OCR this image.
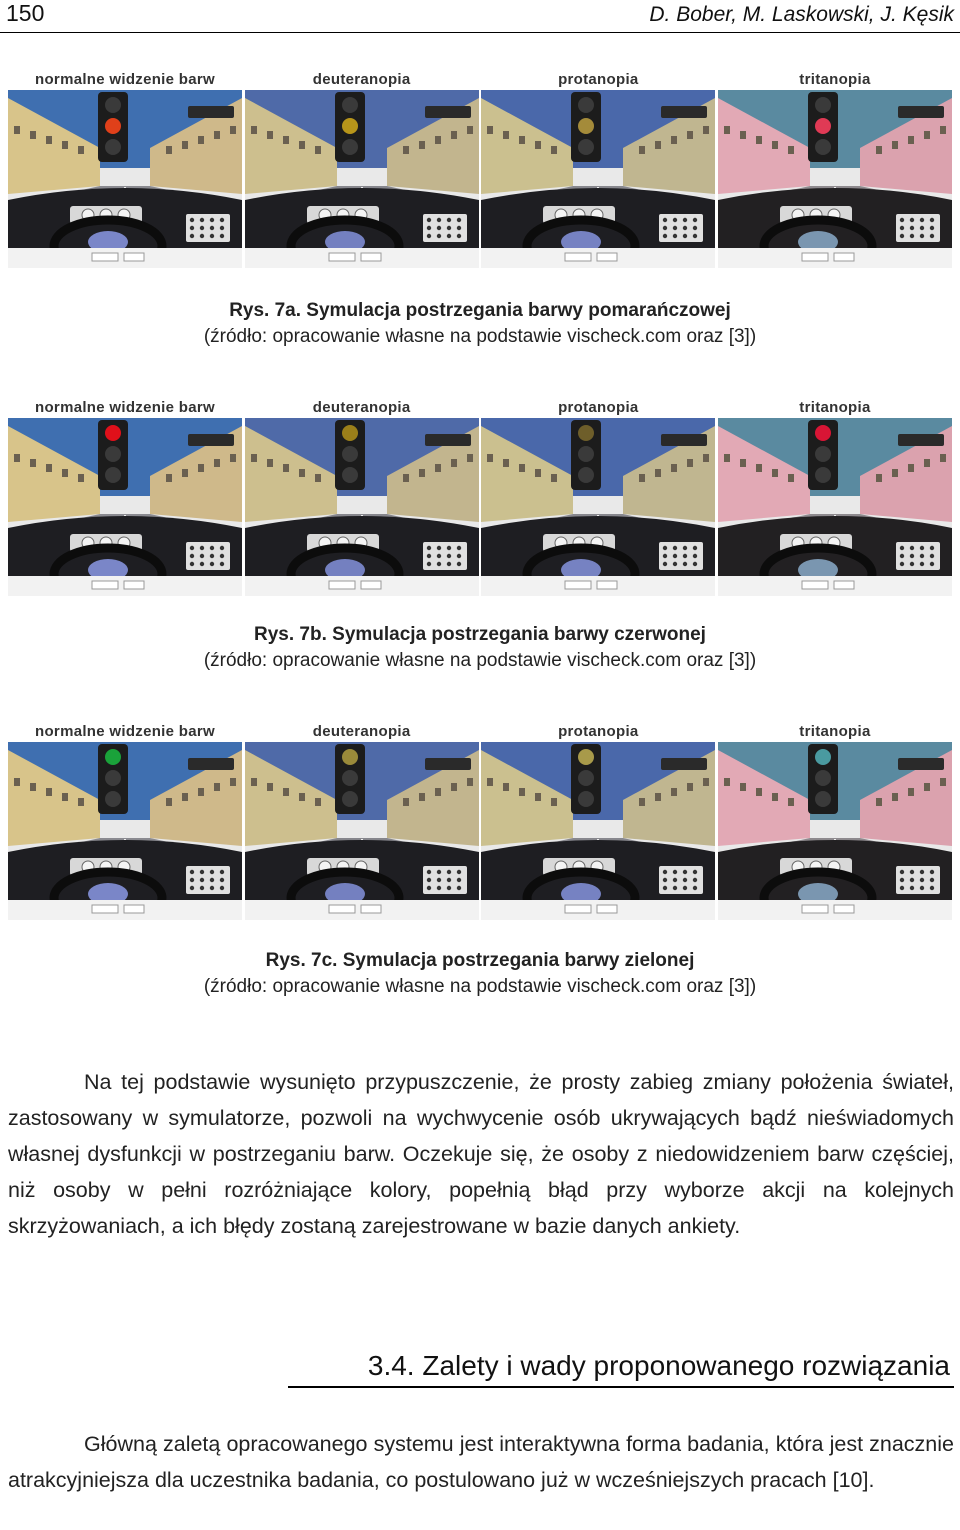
150	D. Bober, M. Laskowski, J. Kęsik
normalne widzenie barw	deuteranopia	protanopia	tritanopia
Rys. 7a. Symulacja postrzegania barwy pomarańczowej
(źródło: opracowanie własne na podstawie vischeck.com oraz [3])
normalne widzenie barw	deuteranopia	protanopia	tritanopia
Rys. 7b. Symulacja postrzegania barwy czerwonej
(źródło: opracowanie własne na podstawie vischeck.com oraz [3])
normalne widzenie barw	deuteranopia	protanopia	tritanopia
Rys. 7c. Symulacja postrzegania barwy zielonej
(źródło: opracowanie własne na podstawie vischeck.com oraz [3])

Na tej podstawie wysunięto przypuszczenie, że prosty zabieg zmiany położenia świateł, zastosowany w symulatorze, pozwoli na wychwycenie osób ukrywających bądź nieświadomych własnej dysfunkcji w postrzeganiu barw. Oczekuje się, że osoby z niedowidzeniem barw częściej, niż osoby w pełni rozróżniające kolory, popełnią błąd przy wyborze akcji na kolejnych skrzyżowaniach, a ich błędy zostaną zarejestrowane w bazie danych ankiety.

3.4. Zalety i wady proponowanego rozwiązania

Główną zaletą opracowanego systemu jest interaktywna forma badania, która jest znacznie atrakcyjniejsza dla uczestnika badania, co postulowano już w wcześniejszych pracach [10].
